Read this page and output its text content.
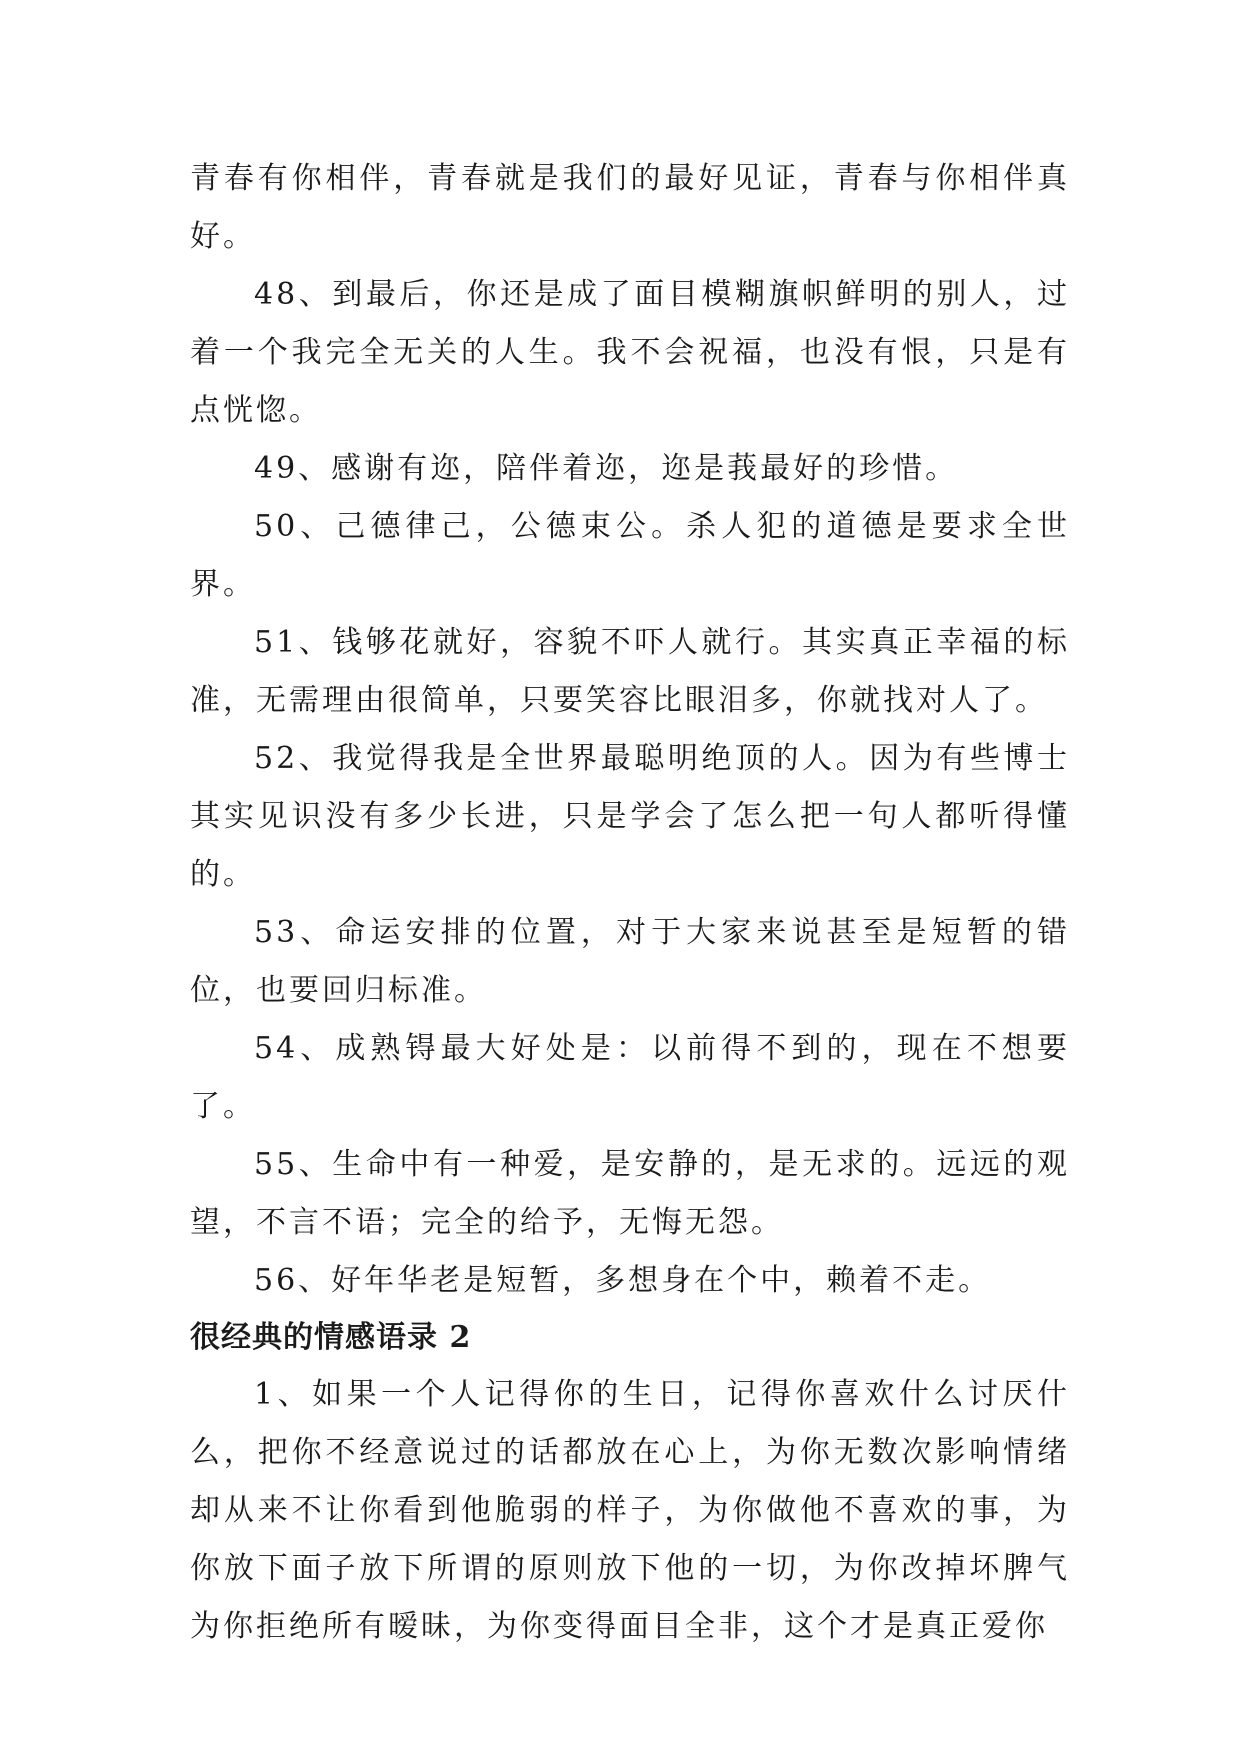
青春有你相伴，青春就是我们的最好见证，青春与你相伴真好。

48、到最后，你还是成了面目模糊旗帜鲜明的别人，过着一个我完全无关的人生。我不会祝福，也没有恨，只是有点恍惚。

49、感谢有迩，陪伴着迩，迩是莪最好的珍惜。

50、己德律己，公德束公。杀人犯的道德是要求全世界。

51、钱够花就好，容貌不吓人就行。其实真正幸福的标准，无需理由很简单，只要笑容比眼泪多，你就找对人了。

52、我觉得我是全世界最聪明绝顶的人。因为有些博士其实见识没有多少长进，只是学会了怎么把一句人都听得懂的。

53、命运安排的位置，对于大家来说甚至是短暂的错位，也要回归标准。

54、成熟锝最大好处是：以前得不到的，现在不想要了。

55、生命中有一种爱，是安静的，是无求的。远远的观望，不言不语；完全的给予，无悔无怨。

56、好年华老是短暂，多想身在个中，赖着不走。

很经典的情感语录 2

1、如果一个人记得你的生日，记得你喜欢什么讨厌什么，把你不经意说过的话都放在心上，为你无数次影响情绪却从来不让你看到他脆弱的样子，为你做他不喜欢的事，为你放下面子放下所谓的原则放下他的一切，为你改掉坏脾气为你拒绝所有暧昧，为你变得面目全非，这个才是真正爱你
